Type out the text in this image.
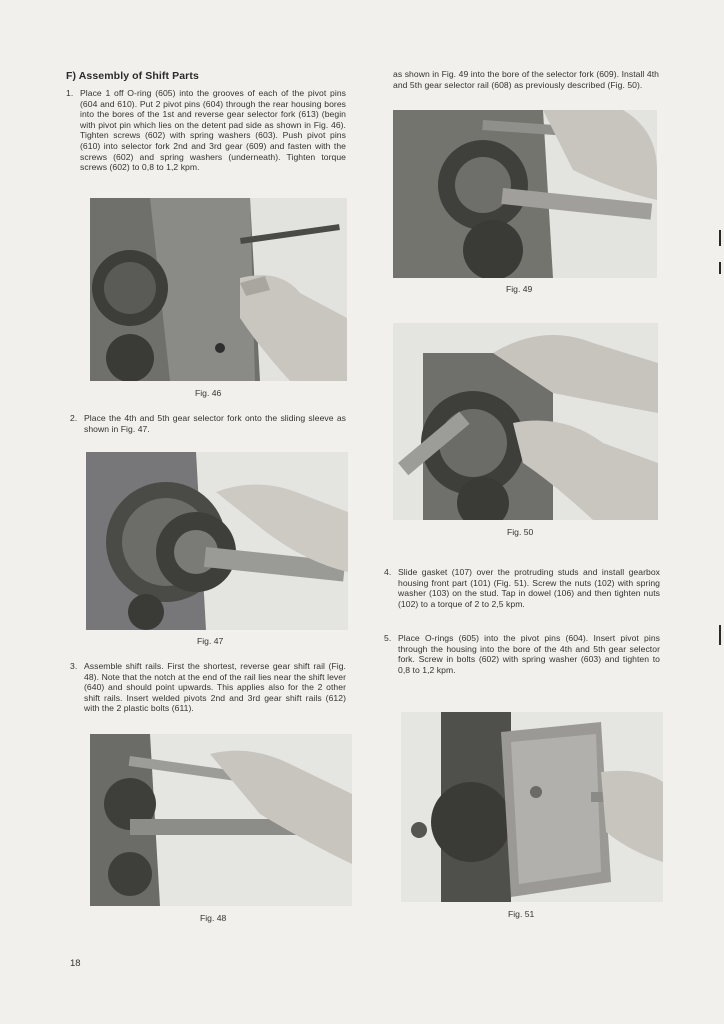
F) Assembly of Shift Parts

1. Place 1 off O-ring (605) into the grooves of each of the pivot pins (604 and 610). Put 2 pivot pins (604) through the rear housing bores into the bores of the 1st and reverse gear selector fork (613) (begin with pivot pin which lies on the detent pad side as shown in Fig. 46). Tighten screws (602) with spring washers (603). Push pivot pins (610) into selector fork 2nd and 3rd gear (609) and fasten with the screws (602) and spring washers (underneath). Tighten torque screws (602) to 0,8 to 1,2 kpm.

Fig. 46

2. Place the 4th and 5th gear selector fork onto the sliding sleeve as shown in Fig. 47.

Fig. 47

3. Assemble shift rails. First the shortest, reverse gear shift rail (Fig. 48). Note that the notch at the end of the rail lies near the shift lever (640) and should point upwards. This applies also for the 2 other shift rails. Insert welded pivots 2nd and 3rd gear shift rails (612) with the 2 plastic bolts (611).

Fig. 48

as shown in Fig. 49 into the bore of the selector fork (609). Install 4th and 5th gear selector rail (608) as previously described (Fig. 50).

Fig. 49
Fig. 50

4. Slide gasket (107) over the protruding studs and install gearbox housing front part (101) (Fig. 51). Screw the nuts (102) with spring washer (103) on the stud. Tap in dowel (106) and then tighten nuts (102) to a torque of 2 to 2,5 kpm.

5. Place O-rings (605) into the pivot pins (604). Insert pivot pins through the housing into the bore of the 4th and 5th gear selector fork. Screw in bolts (602) with spring washer (603) and tighten to 0,8 to 1,2 kpm.

Fig. 51
18
